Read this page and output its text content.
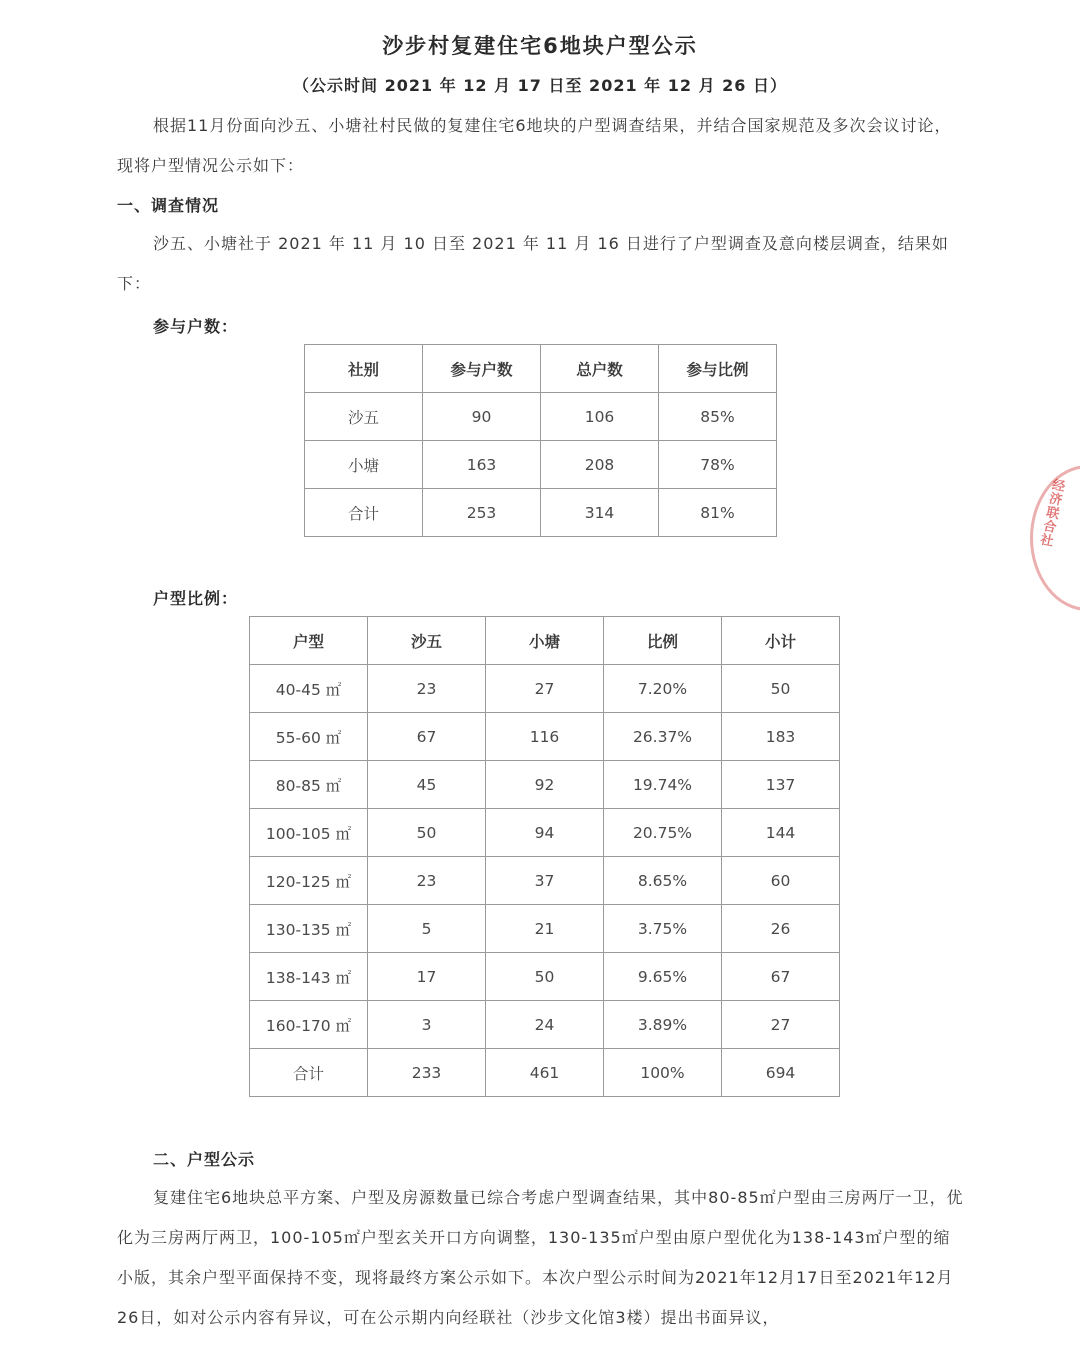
沙步村复建住宅6地块户型公示
（公示时间 2021 年 12 月 17 日至 2021 年 12 月 26 日）
根据11月份面向沙五、小塘社村民做的复建住宅6地块的户型调查结果，并结合国家规范及多次会议讨论，现将户型情况公示如下：
一、调查情况
沙五、小塘社于 2021 年 11 月 10 日至 2021 年 11 月 16 日进行了户型调查及意向楼层调查，结果如下：
参与户数：
社别	参与户数	总户数	参与比例
沙五	90	106	85%
小塘	163	208	78%
合计	253	314	81%
户型比例：
户型	沙五	小塘	比例	小计
40-45 ㎡	23	27	7.20%	50
55-60 ㎡	67	116	26.37%	183
80-85 ㎡	45	92	19.74%	137
100-105 ㎡	50	94	20.75%	144
120-125 ㎡	23	37	8.65%	60
130-135 ㎡	5	21	3.75%	26
138-143 ㎡	17	50	9.65%	67
160-170 ㎡	3	24	3.89%	27
合计	233	461	100%	694
二、户型公示
复建住宅6地块总平方案、户型及房源数量已综合考虑户型调查结果，其中80-85㎡户型由三房两厅一卫，优化为三房两厅两卫，100-105㎡户型玄关开口方向调整，130-135㎡户型由原户型优化为138-143㎡户型的缩小版，其余户型平面保持不变，现将最终方案公示如下。本次户型公示时间为2021年12月17日至2021年12月26日，如对公示内容有异议，可在公示期内向经联社（沙步文化馆3楼）提出书面异议，
经济联合社
